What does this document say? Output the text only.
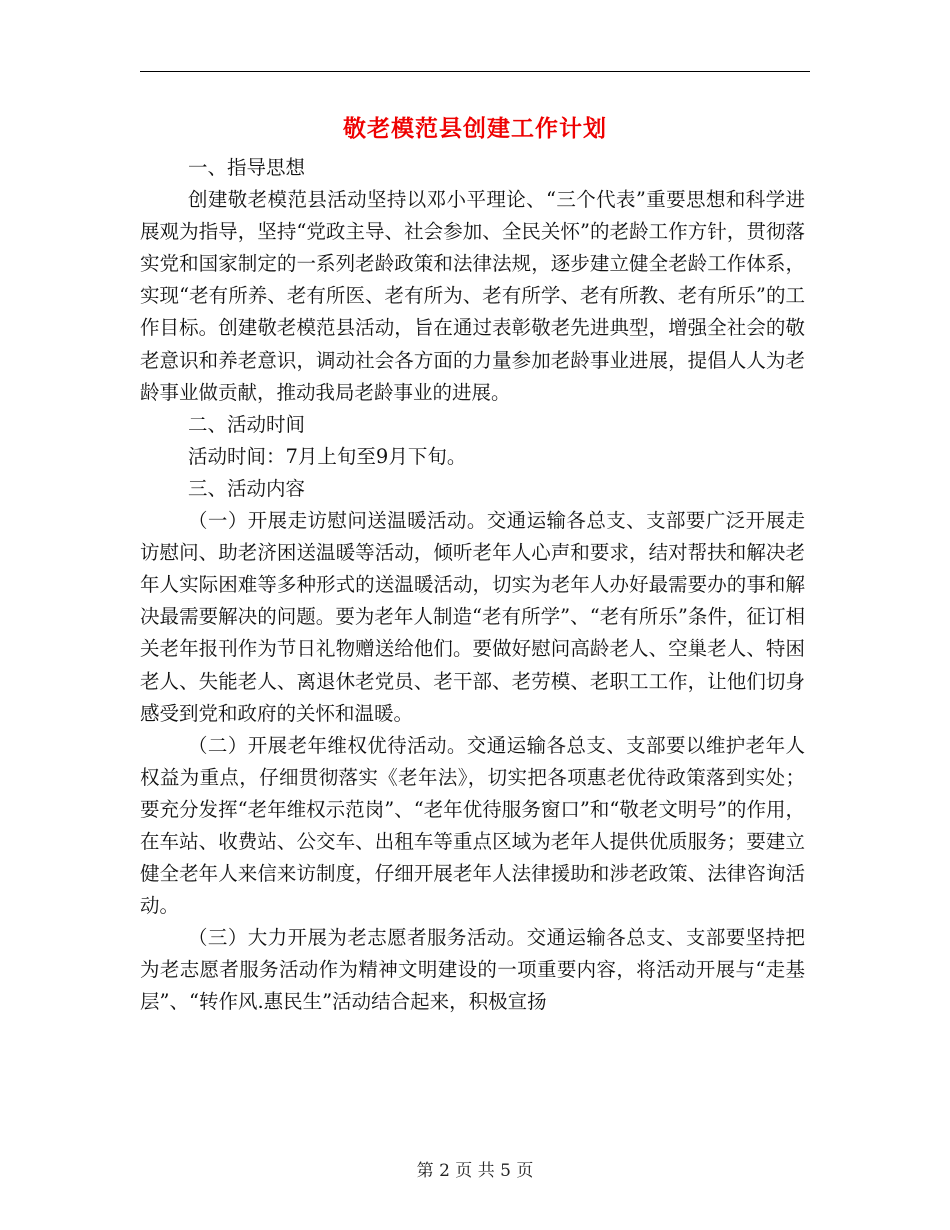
敬老模范县创建工作计划

一、指导思想

创建敬老模范县活动坚持以邓小平理论、“三个代表”重要思想和科学进展观为指导，坚持“党政主导、社会参加、全民关怀”的老龄工作方针，贯彻落实党和国家制定的一系列老龄政策和法律法规，逐步建立健全老龄工作体系，实现“老有所养、老有所医、老有所为、老有所学、老有所教、老有所乐”的工作目标。创建敬老模范县活动，旨在通过表彰敬老先进典型，增强全社会的敬老意识和养老意识，调动社会各方面的力量参加老龄事业进展，提倡人人为老龄事业做贡献，推动我局老龄事业的进展。

二、活动时间

活动时间：7月上旬至9月下旬。

三、活动内容

（一）开展走访慰问送温暖活动。交通运输各总支、支部要广泛开展走访慰问、助老济困送温暖等活动，倾听老年人心声和要求，结对帮扶和解决老年人实际困难等多种形式的送温暖活动，切实为老年人办好最需要办的事和解决最需要解决的问题。要为老年人制造“老有所学”、“老有所乐”条件，征订相关老年报刊作为节日礼物赠送给他们。要做好慰问高龄老人、空巢老人、特困老人、失能老人、离退休老党员、老干部、老劳模、老职工工作，让他们切身感受到党和政府的关怀和温暖。

（二）开展老年维权优待活动。交通运输各总支、支部要以维护老年人权益为重点，仔细贯彻落实《老年法》，切实把各项惠老优待政策落到实处；要充分发挥“老年维权示范岗”、“老年优待服务窗口”和“敬老文明号”的作用，在车站、收费站、公交车、出租车等重点区域为老年人提供优质服务；要建立健全老年人来信来访制度，仔细开展老年人法律援助和涉老政策、法律咨询活动。

（三）大力开展为老志愿者服务活动。交通运输各总支、支部要坚持把为老志愿者服务活动作为精神文明建设的一项重要内容，将活动开展与“走基层”、“转作风.惠民生”活动结合起来，积极宣扬

第 2 页 共 5 页
